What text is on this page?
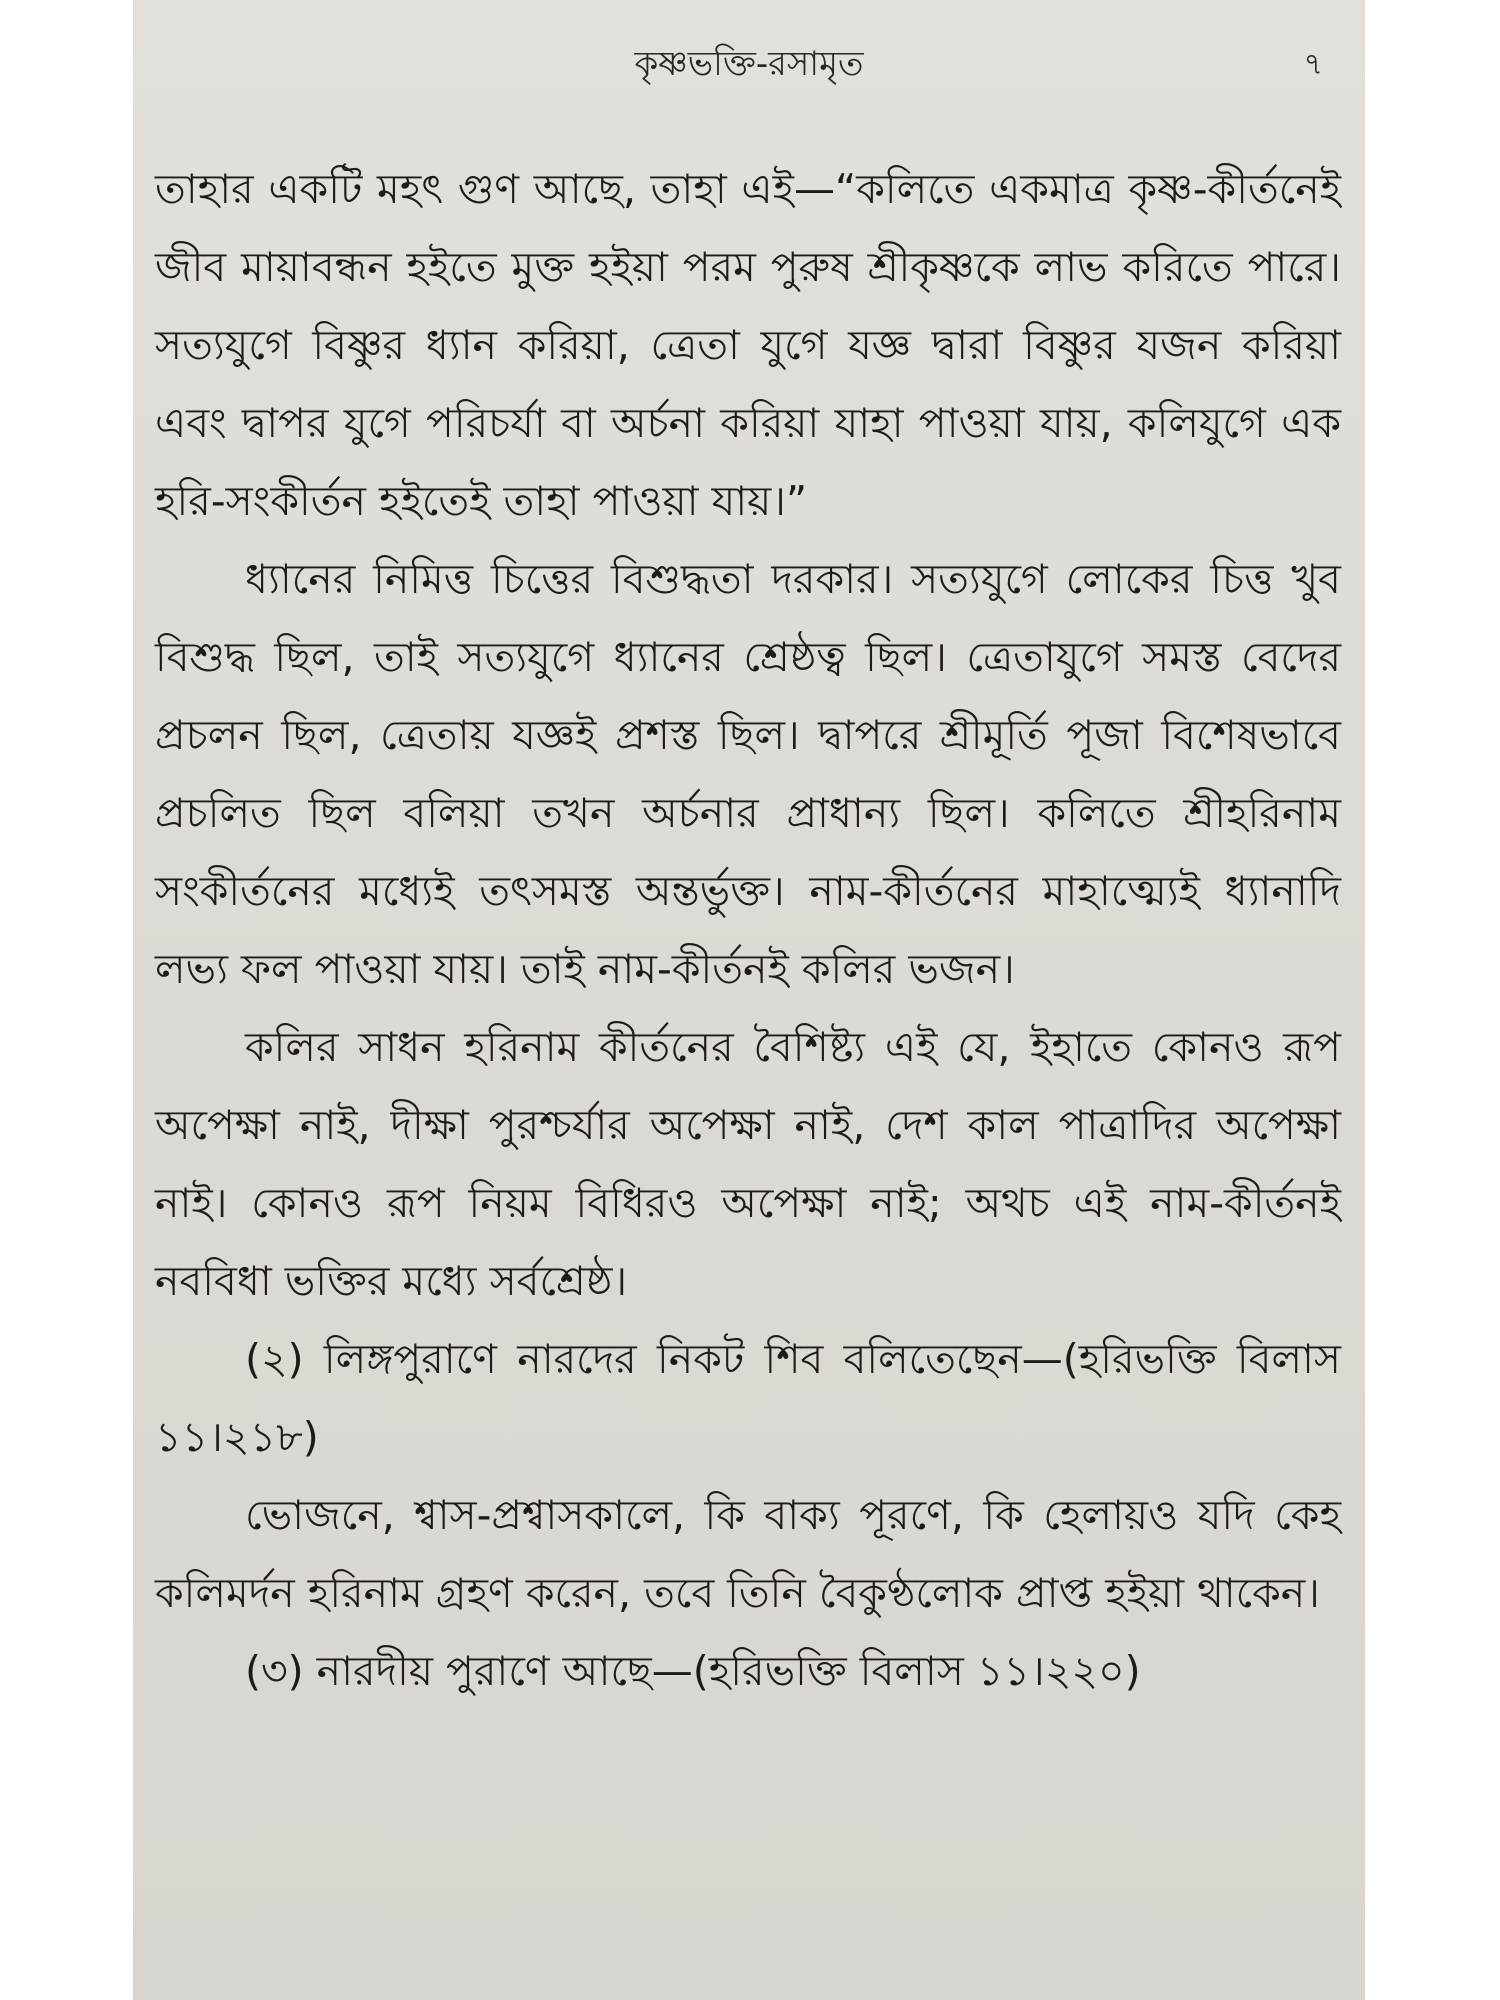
কৃষ্ণভক্তি-রসামৃত	৭

তাহার একটি মহৎ গুণ আছে, তাহা এই—“কলিতে একমাত্র কৃষ্ণ-কীর্তনেই জীব মায়াবন্ধন হইতে মুক্ত হইয়া পরম পুরুষ শ্রীকৃষ্ণকে লাভ করিতে পারে। সত্যযুগে বিষ্ণুর ধ্যান করিয়া, ত্রেতা যুগে যজ্ঞ দ্বারা বিষ্ণুর যজন করিয়া এবং দ্বাপর যুগে পরিচর্যা বা অর্চনা করিয়া যাহা পাওয়া যায়, কলিযুগে এক হরি-সংকীর্তন হইতেই তাহা পাওয়া যায়।”

ধ্যানের নিমিত্ত চিত্তের বিশুদ্ধতা দরকার। সত্যযুগে লোকের চিত্ত খুব বিশুদ্ধ ছিল, তাই সত্যযুগে ধ্যানের শ্রেষ্ঠত্ব ছিল। ত্রেতাযুগে সমস্ত বেদের প্রচলন ছিল, ত্রেতায় যজ্ঞই প্রশস্ত ছিল। দ্বাপরে শ্রীমূর্তি পূজা বিশেষভাবে প্রচলিত ছিল বলিয়া তখন অর্চনার প্রাধান্য ছিল। কলিতে শ্রীহরিনাম সংকীর্তনের মধ্যেই তৎসমস্ত অন্তর্ভুক্ত। নাম-কীর্তনের মাহাত্ম্যেই ধ্যানাদি লভ্য ফল পাওয়া যায়। তাই নাম-কীর্তনই কলির ভজন।

কলির সাধন হরিনাম কীর্তনের বৈশিষ্ট্য এই যে, ইহাতে কোনও রূপ অপেক্ষা নাই, দীক্ষা পুরশ্চর্যার অপেক্ষা নাই, দেশ কাল পাত্রাদির অপেক্ষা নাই। কোনও রূপ নিয়ম বিধিরও অপেক্ষা নাই; অথচ এই নাম-কীর্তনই নববিধা ভক্তির মধ্যে সর্বশ্রেষ্ঠ।

(২) লিঙ্গপুরাণে নারদের নিকট শিব বলিতেছেন—(হরিভক্তি বিলাস ১১।২১৮)

ভোজনে, শ্বাস-প্রশ্বাসকালে, কি বাক্য পূরণে, কি হেলায়ও যদি কেহ কলিমর্দন হরিনাম গ্রহণ করেন, তবে তিনি বৈকুণ্ঠলোক প্রাপ্ত হইয়া থাকেন।

(৩) নারদীয় পুরাণে আছে—(হরিভক্তি বিলাস ১১।২২০)
